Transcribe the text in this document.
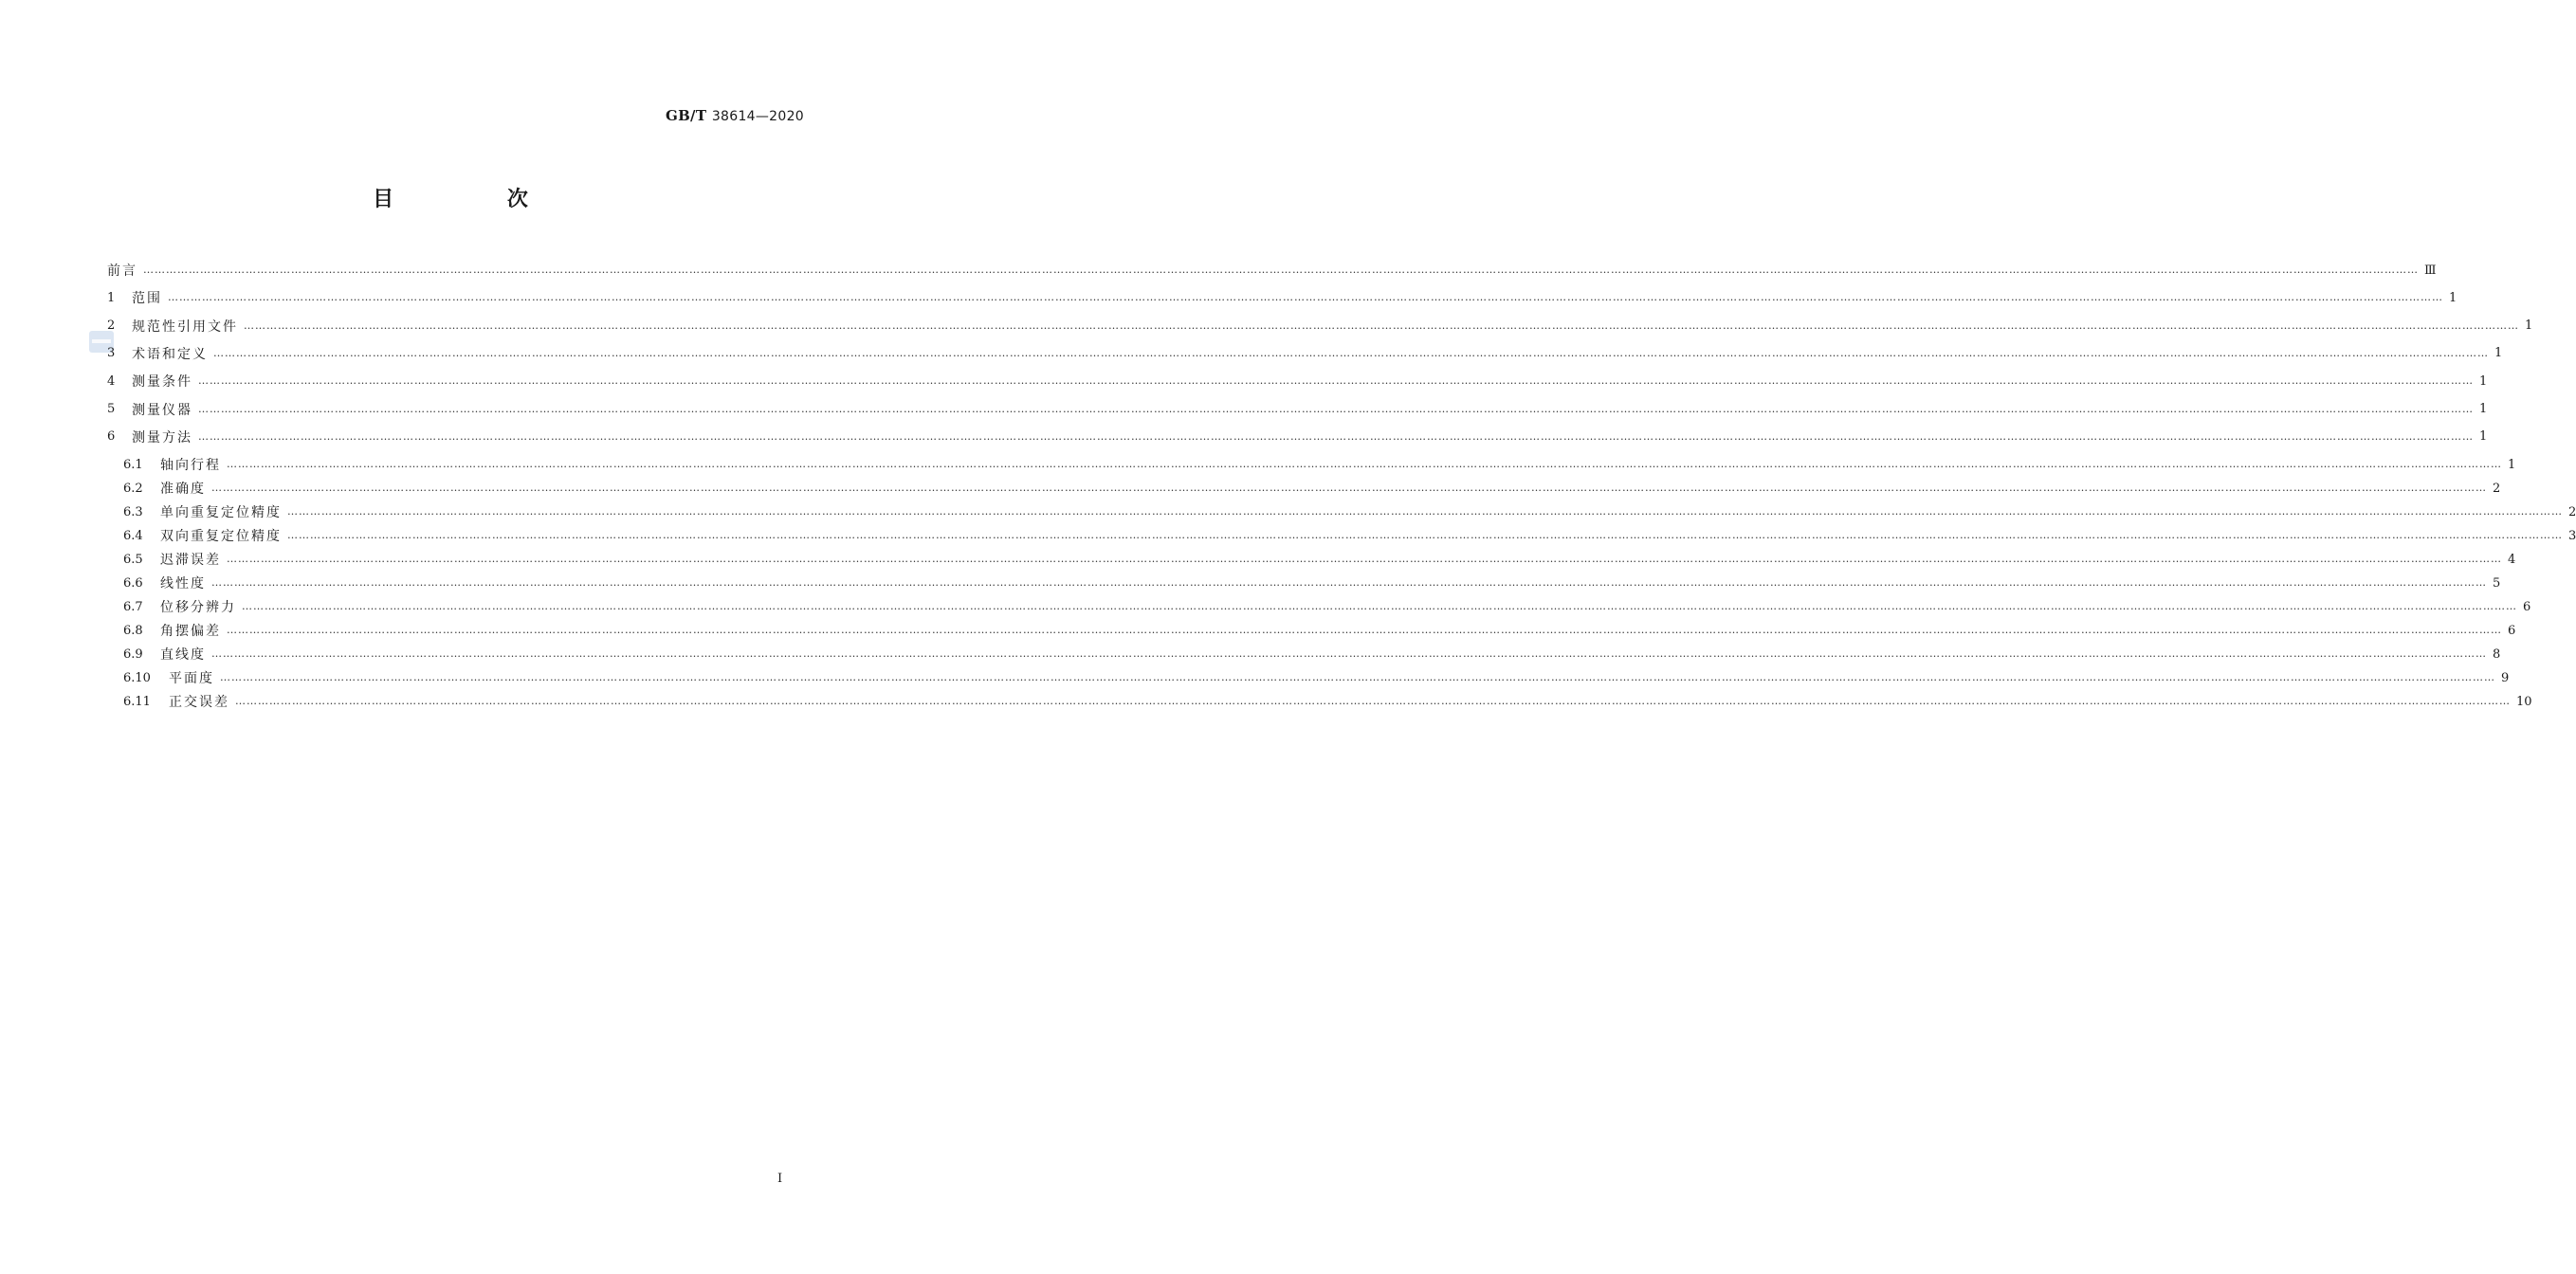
GB/T 38614—2020
目 次
前言 …………………………………………………………………………………………………………………………………………………………………………………………………………………………………………………………………………………………………………………………………………………………………………………………………………………………………………………………………………………………………………………………………………………… Ⅲ
1	范围 …………………………………………………………………………………………………………………………………………………………………………………………………………………………………………………………………………………………………………………………………………………………………………………………………………………………………………………………………………………………………………………………………………………… 1
2	规范性引用文件 …………………………………………………………………………………………………………………………………………………………………………………………………………………………………………………………………………………………………………………………………………………………………………………………………………………………………………………………………………………………………………………………………………………… 1
3	术语和定义 …………………………………………………………………………………………………………………………………………………………………………………………………………………………………………………………………………………………………………………………………………………………………………………………………………………………………………………………………………………………………………………………………………………… 1
4	测量条件 …………………………………………………………………………………………………………………………………………………………………………………………………………………………………………………………………………………………………………………………………………………………………………………………………………………………………………………………………………………………………………………………………………………… 1
5	测量仪器 …………………………………………………………………………………………………………………………………………………………………………………………………………………………………………………………………………………………………………………………………………………………………………………………………………………………………………………………………………………………………………………………………………………… 1
6	测量方法 …………………………………………………………………………………………………………………………………………………………………………………………………………………………………………………………………………………………………………………………………………………………………………………………………………………………………………………………………………………………………………………………………………………… 1
6.1	轴向行程 …………………………………………………………………………………………………………………………………………………………………………………………………………………………………………………………………………………………………………………………………………………………………………………………………………………………………………………………………………………………………………………………………………………… 1
6.2	准确度 …………………………………………………………………………………………………………………………………………………………………………………………………………………………………………………………………………………………………………………………………………………………………………………………………………………………………………………………………………………………………………………………………………………… 2
6.3	单向重复定位精度 …………………………………………………………………………………………………………………………………………………………………………………………………………………………………………………………………………………………………………………………………………………………………………………………………………………………………………………………………………………………………………………………………………………… 2
6.4	双向重复定位精度 …………………………………………………………………………………………………………………………………………………………………………………………………………………………………………………………………………………………………………………………………………………………………………………………………………………………………………………………………………………………………………………………………………………… 3
6.5	迟滞误差 …………………………………………………………………………………………………………………………………………………………………………………………………………………………………………………………………………………………………………………………………………………………………………………………………………………………………………………………………………………………………………………………………………………… 4
6.6	线性度 …………………………………………………………………………………………………………………………………………………………………………………………………………………………………………………………………………………………………………………………………………………………………………………………………………………………………………………………………………………………………………………………………………………… 5
6.7	位移分辨力 …………………………………………………………………………………………………………………………………………………………………………………………………………………………………………………………………………………………………………………………………………………………………………………………………………………………………………………………………………………………………………………………………………………… 6
6.8	角摆偏差 …………………………………………………………………………………………………………………………………………………………………………………………………………………………………………………………………………………………………………………………………………………………………………………………………………………………………………………………………………………………………………………………………………………… 6
6.9	直线度 …………………………………………………………………………………………………………………………………………………………………………………………………………………………………………………………………………………………………………………………………………………………………………………………………………………………………………………………………………………………………………………………………………………… 8
6.10	平面度 …………………………………………………………………………………………………………………………………………………………………………………………………………………………………………………………………………………………………………………………………………………………………………………………………………………………………………………………………………………………………………………………………………………… 9
6.11	正交误差 …………………………………………………………………………………………………………………………………………………………………………………………………………………………………………………………………………………………………………………………………………………………………………………………………………………………………………………………………………………………………………………………………………………… 10
I
